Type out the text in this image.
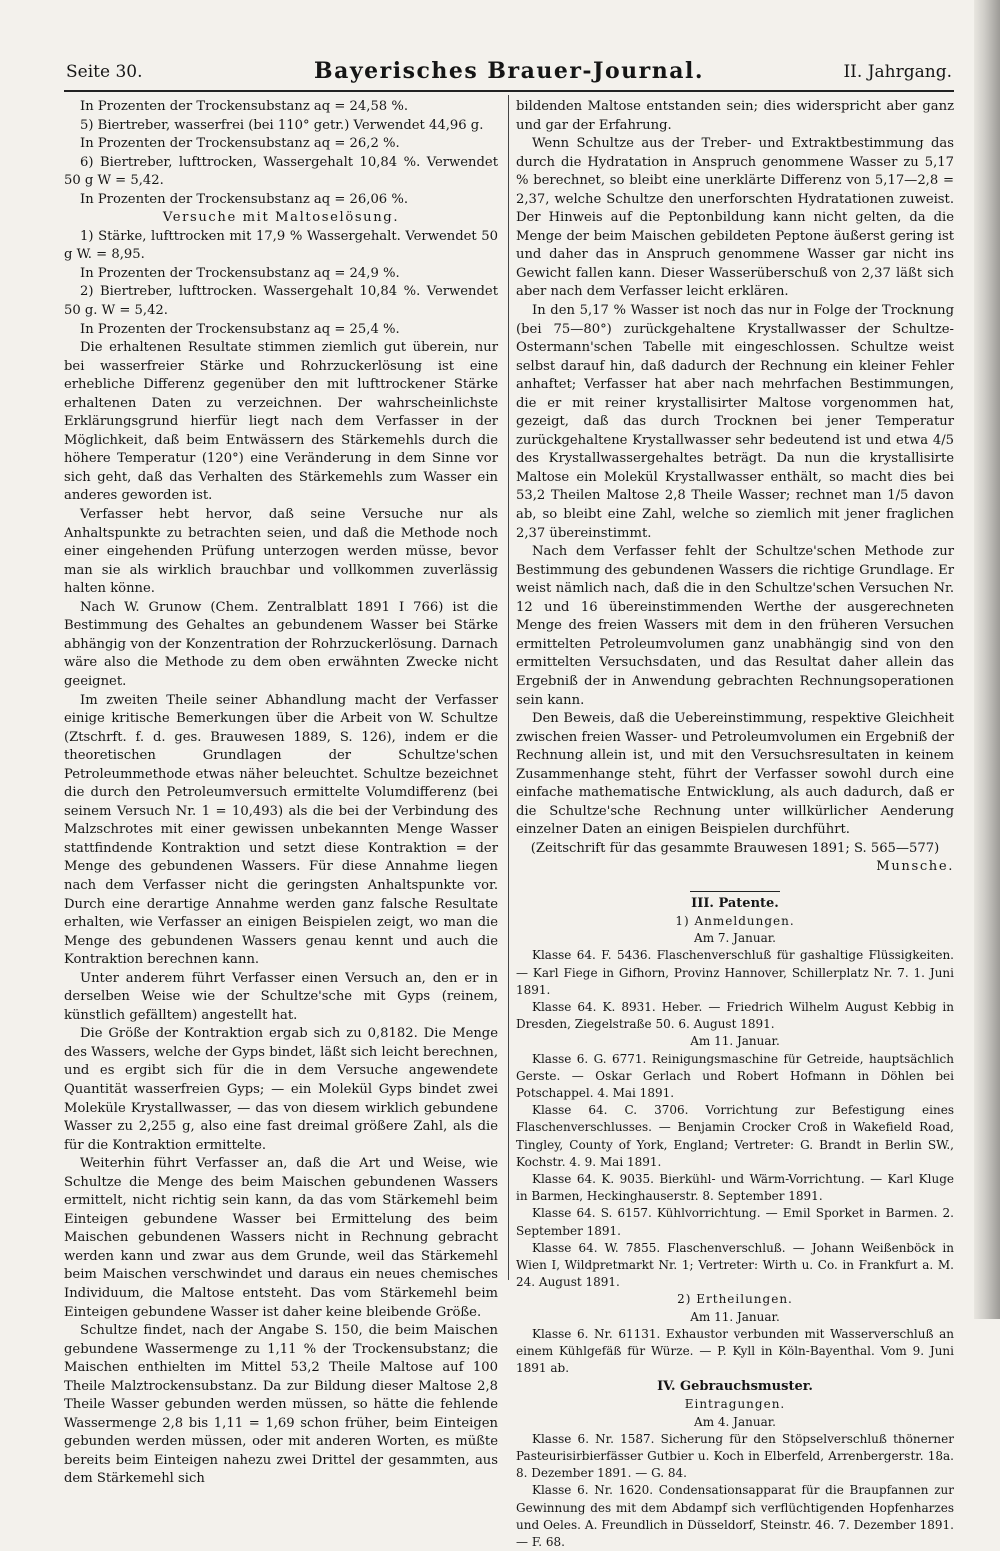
Seite 30.	Bayerisches Brauer-Journal.	II. Jahrgang.

In Prozenten der Trockensubstanz aq = 24,58 %.

5) Biertreber, wasserfrei (bei 110° getr.) Verwendet 44,96 g.

In Prozenten der Trockensubstanz aq = 26,2 %.

6) Biertreber, lufttrocken, Wassergehalt 10,84 %. Verwendet 50 g W = 5,42.

In Prozenten der Trockensubstanz aq = 26,06 %.

Versuche mit Maltoselösung.

1) Stärke, lufttrocken mit 17,9 % Wassergehalt. Verwendet 50 g W. = 8,95.

In Prozenten der Trockensubstanz aq = 24,9 %.

2) Biertreber, lufttrocken. Wassergehalt 10,84 %. Verwendet 50 g. W = 5,42.

In Prozenten der Trockensubstanz aq = 25,4 %.

Die erhaltenen Resultate stimmen ziemlich gut überein, nur bei wasserfreier Stärke und Rohrzuckerlösung ist eine erhebliche Differenz gegenüber den mit lufttrockener Stärke erhaltenen Daten zu verzeichnen. Der wahrscheinlichste Erklärungsgrund hierfür liegt nach dem Verfasser in der Möglichkeit, daß beim Entwässern des Stärkemehls durch die höhere Temperatur (120°) eine Veränderung in dem Sinne vor sich geht, daß das Verhalten des Stärkemehls zum Wasser ein anderes geworden ist.

Verfasser hebt hervor, daß seine Versuche nur als Anhaltspunkte zu betrachten seien, und daß die Methode noch einer eingehenden Prüfung unterzogen werden müsse, bevor man sie als wirklich brauchbar und vollkommen zuverlässig halten könne.

Nach W. Grunow (Chem. Zentralblatt 1891 I 766) ist die Bestimmung des Gehaltes an gebundenem Wasser bei Stärke abhängig von der Konzentration der Rohrzuckerlösung. Darnach wäre also die Methode zu dem oben erwähnten Zwecke nicht geeignet.

Im zweiten Theile seiner Abhandlung macht der Verfasser einige kritische Bemerkungen über die Arbeit von W. Schultze (Ztschrft. f. d. ges. Brauwesen 1889, S. 126), indem er die theoretischen Grundlagen der Schultze'schen Petroleummethode etwas näher beleuchtet. Schultze bezeichnet die durch den Petroleumversuch ermittelte Volumdifferenz (bei seinem Versuch Nr. 1 = 10,493) als die bei der Verbindung des Malzschrotes mit einer gewissen unbekannten Menge Wasser stattfindende Kontraktion und setzt diese Kontraktion = der Menge des gebundenen Wassers. Für diese Annahme liegen nach dem Verfasser nicht die geringsten Anhaltspunkte vor. Durch eine derartige Annahme werden ganz falsche Resultate erhalten, wie Verfasser an einigen Beispielen zeigt, wo man die Menge des gebundenen Wassers genau kennt und auch die Kontraktion berechnen kann.

Unter anderem führt Verfasser einen Versuch an, den er in derselben Weise wie der Schultze'sche mit Gyps (reinem, künstlich gefälltem) angestellt hat.

Die Größe der Kontraktion ergab sich zu 0,8182. Die Menge des Wassers, welche der Gyps bindet, läßt sich leicht berechnen, und es ergibt sich für die in dem Versuche angewendete Quantität wasserfreien Gyps; — ein Molekül Gyps bindet zwei Moleküle Krystallwasser, — das von diesem wirklich gebundene Wasser zu 2,255 g, also eine fast dreimal größere Zahl, als die für die Kontraktion ermittelte.

Weiterhin führt Verfasser an, daß die Art und Weise, wie Schultze die Menge des beim Maischen gebundenen Wassers ermittelt, nicht richtig sein kann, da das vom Stärkemehl beim Einteigen gebundene Wasser bei Ermittelung des beim Maischen gebundenen Wassers nicht in Rechnung gebracht werden kann und zwar aus dem Grunde, weil das Stärkemehl beim Maischen verschwindet und daraus ein neues chemisches Individuum, die Maltose entsteht. Das vom Stärkemehl beim Einteigen gebundene Wasser ist daher keine bleibende Größe.

Schultze findet, nach der Angabe S. 150, die beim Maischen gebundene Wassermenge zu 1,11 % der Trockensubstanz; die Maischen enthielten im Mittel 53,2 Theile Maltose auf 100 Theile Malztrockensubstanz. Da zur Bildung dieser Maltose 2,8 Theile Wasser gebunden werden müssen, so hätte die fehlende Wassermenge 2,8 bis 1,11 = 1,69 schon früher, beim Einteigen gebunden werden müssen, oder mit anderen Worten, es müßte bereits beim Einteigen nahezu zwei Drittel der gesammten, aus dem Stärkemehl sich

bildenden Maltose entstanden sein; dies widerspricht aber ganz und gar der Erfahrung.

Wenn Schultze aus der Treber- und Extraktbestimmung das durch die Hydratation in Anspruch genommene Wasser zu 5,17 % berechnet, so bleibt eine unerklärte Differenz von 5,17—2,8 = 2,37, welche Schultze den unerforschten Hydratationen zuweist. Der Hinweis auf die Peptonbildung kann nicht gelten, da die Menge der beim Maischen gebildeten Peptone äußerst gering ist und daher das in Anspruch genommene Wasser gar nicht ins Gewicht fallen kann. Dieser Wasserüberschuß von 2,37 läßt sich aber nach dem Verfasser leicht erklären.

In den 5,17 % Wasser ist noch das nur in Folge der Trocknung (bei 75—80°) zurückgehaltene Krystallwasser der Schultze-Ostermann'schen Tabelle mit eingeschlossen. Schultze weist selbst darauf hin, daß dadurch der Rechnung ein kleiner Fehler anhaftet; Verfasser hat aber nach mehrfachen Bestimmungen, die er mit reiner krystallisirter Maltose vorgenommen hat, gezeigt, daß das durch Trocknen bei jener Temperatur zurückgehaltene Krystallwasser sehr bedeutend ist und etwa 4/5 des Krystallwassergehaltes beträgt. Da nun die krystallisirte Maltose ein Molekül Krystallwasser enthält, so macht dies bei 53,2 Theilen Maltose 2,8 Theile Wasser; rechnet man 1/5 davon ab, so bleibt eine Zahl, welche so ziemlich mit jener fraglichen 2,37 übereinstimmt.

Nach dem Verfasser fehlt der Schultze'schen Methode zur Bestimmung des gebundenen Wassers die richtige Grundlage. Er weist nämlich nach, daß die in den Schultze'schen Versuchen Nr. 12 und 16 übereinstimmenden Werthe der ausgerechneten Menge des freien Wassers mit dem in den früheren Versuchen ermittelten Petroleumvolumen ganz unabhängig sind von den ermittelten Versuchsdaten, und das Resultat daher allein das Ergebniß der in Anwendung gebrachten Rechnungsoperationen sein kann.

Den Beweis, daß die Uebereinstimmung, respektive Gleichheit zwischen freien Wasser- und Petroleumvolumen ein Ergebniß der Rechnung allein ist, und mit den Versuchsresultaten in keinem Zusammenhange steht, führt der Verfasser sowohl durch eine einfache mathematische Entwicklung, als auch dadurch, daß er die Schultze'sche Rechnung unter willkürlicher Aenderung einzelner Daten an einigen Beispielen durchführt.

(Zeitschrift für das gesammte Brauwesen 1891; S. 565—577)

Munsche.

III. Patente.

1) Anmeldungen.

Am 7. Januar.

Klasse 64. F. 5436. Flaschenverschluß für gashaltige Flüssigkeiten. — Karl Fiege in Gifhorn, Provinz Hannover, Schillerplatz Nr. 7. 1. Juni 1891.

Klasse 64. K. 8931. Heber. — Friedrich Wilhelm August Kebbig in Dresden, Ziegelstraße 50. 6. August 1891.

Am 11. Januar.

Klasse 6. G. 6771. Reinigungsmaschine für Getreide, hauptsächlich Gerste. — Oskar Gerlach und Robert Hofmann in Döhlen bei Potschappel. 4. Mai 1891.

Klasse 64. C. 3706. Vorrichtung zur Befestigung eines Flaschenverschlusses. — Benjamin Crocker Croß in Wakefield Road, Tingley, County of York, England; Vertreter: G. Brandt in Berlin SW., Kochstr. 4. 9. Mai 1891.

Klasse 64. K. 9035. Bierkühl- und Wärm-Vorrichtung. — Karl Kluge in Barmen, Heckinghauserstr. 8. September 1891.

Klasse 64. S. 6157. Kühlvorrichtung. — Emil Sporket in Barmen. 2. September 1891.

Klasse 64. W. 7855. Flaschenverschluß. — Johann Weißenböck in Wien I, Wildpretmarkt Nr. 1; Vertreter: Wirth u. Co. in Frankfurt a. M. 24. August 1891.

2) Ertheilungen.

Am 11. Januar.

Klasse 6. Nr. 61131. Exhaustor verbunden mit Wasserverschluß an einem Kühlgefäß für Würze. — P. Kyll in Köln-Bayenthal. Vom 9. Juni 1891 ab.

IV. Gebrauchsmuster.

Eintragungen.

Am 4. Januar.

Klasse 6. Nr. 1587. Sicherung für den Stöpselverschluß thönerner Pasteurisirbierfässer Gutbier u. Koch in Elberfeld, Arrenbergerstr. 18a. 8. Dezember 1891. — G. 84.

Klasse 6. Nr. 1620. Condensationsapparat für die Braupfannen zur Gewinnung des mit dem Abdampf sich verflüchtigenden Hopfenharzes und Oeles. A. Freundlich in Düsseldorf, Steinstr. 46. 7. Dezember 1891. — F. 68.
